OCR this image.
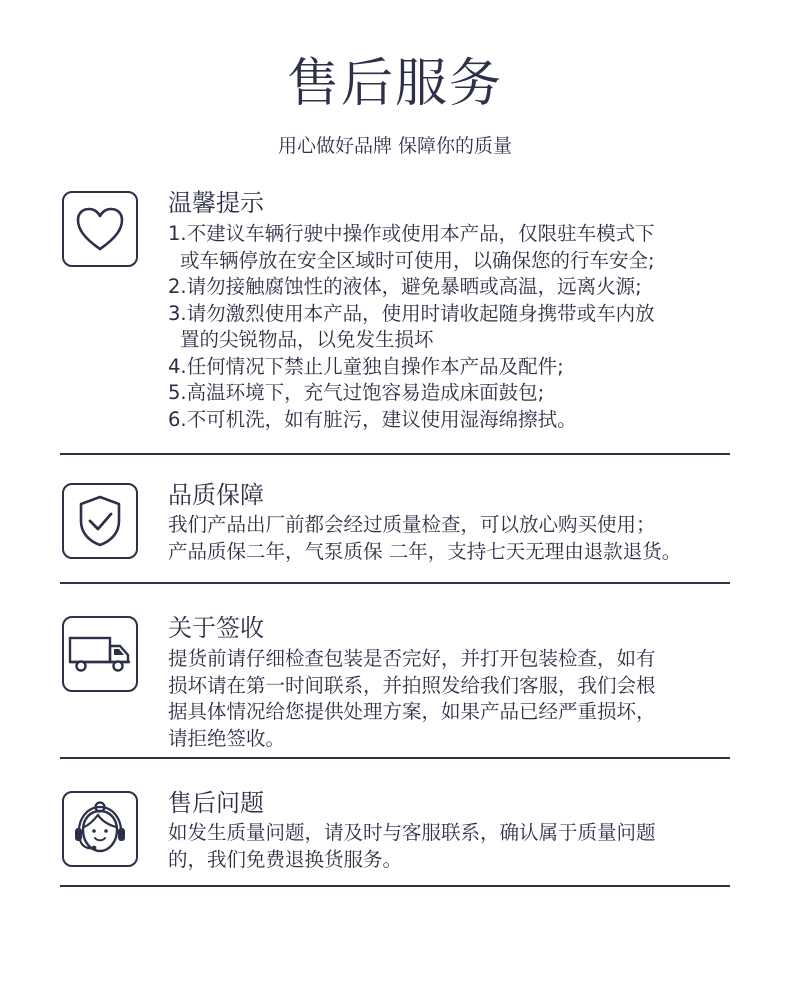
售后服务
用心做好品牌 保障你的质量
温馨提示
1.不建议车辆行驶中操作或使用本产品，仅限驻车模式下
或车辆停放在安全区域时可使用，以确保您的行车安全;
2.请勿接触腐蚀性的液体，避免暴晒或高温，远离火源;
3.请勿激烈使用本产品，使用时请收起随身携带或车内放
置的尖锐物品，以免发生损坏
4.任何情况下禁止儿童独自操作本产品及配件;
5.高温环境下，充气过饱容易造成床面鼓包;
6.不可机洗，如有脏污，建议使用湿海绵擦拭。
品质保障
我们产品出厂前都会经过质量检查，可以放心购买使用；
产品质保二年，气泵质保 二年，支持七天无理由退款退货。
关于签收
提货前请仔细检查包装是否完好，并打开包装检查，如有
损坏请在第一时间联系，并拍照发给我们客服，我们会根
据具体情况给您提供处理方案，如果产品已经严重损坏，
请拒绝签收。
售后问题
如发生质量问题，请及时与客服联系，确认属于质量问题
的，我们免费退换货服务。
